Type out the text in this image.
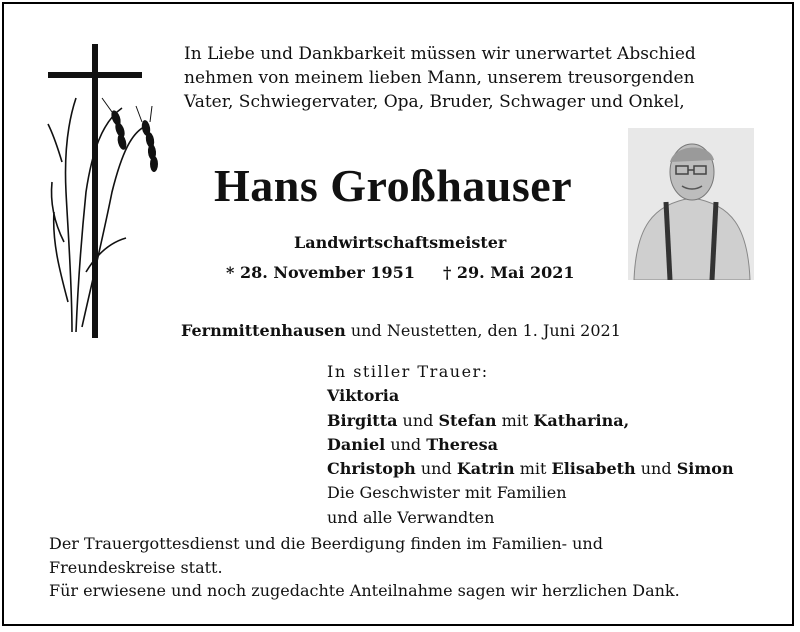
In Liebe und Dankbarkeit müssen wir unerwartet Abschied
nehmen von meinem lieben Mann, unserem treusorgenden
Vater, Schwiegervater, Opa, Bruder, Schwager und Onkel,
Hans Großhauser
Landwirtschaftsmeister
* 28. November 1951 † 29. Mai 2021
Fernmittenhausen und Neustetten, den 1. Juni 2021
In stiller Trauer:
Viktoria
Birgitta und Stefan mit Katharina,
Daniel und Theresa
Christoph und Katrin mit Elisabeth und Simon
Die Geschwister mit Familien
und alle Verwandten
Der Trauergottesdienst und die Beerdigung finden im Familien- und
Freundeskreise statt.
Für erwiesene und noch zugedachte Anteilnahme sagen wir herzlichen Dank.
